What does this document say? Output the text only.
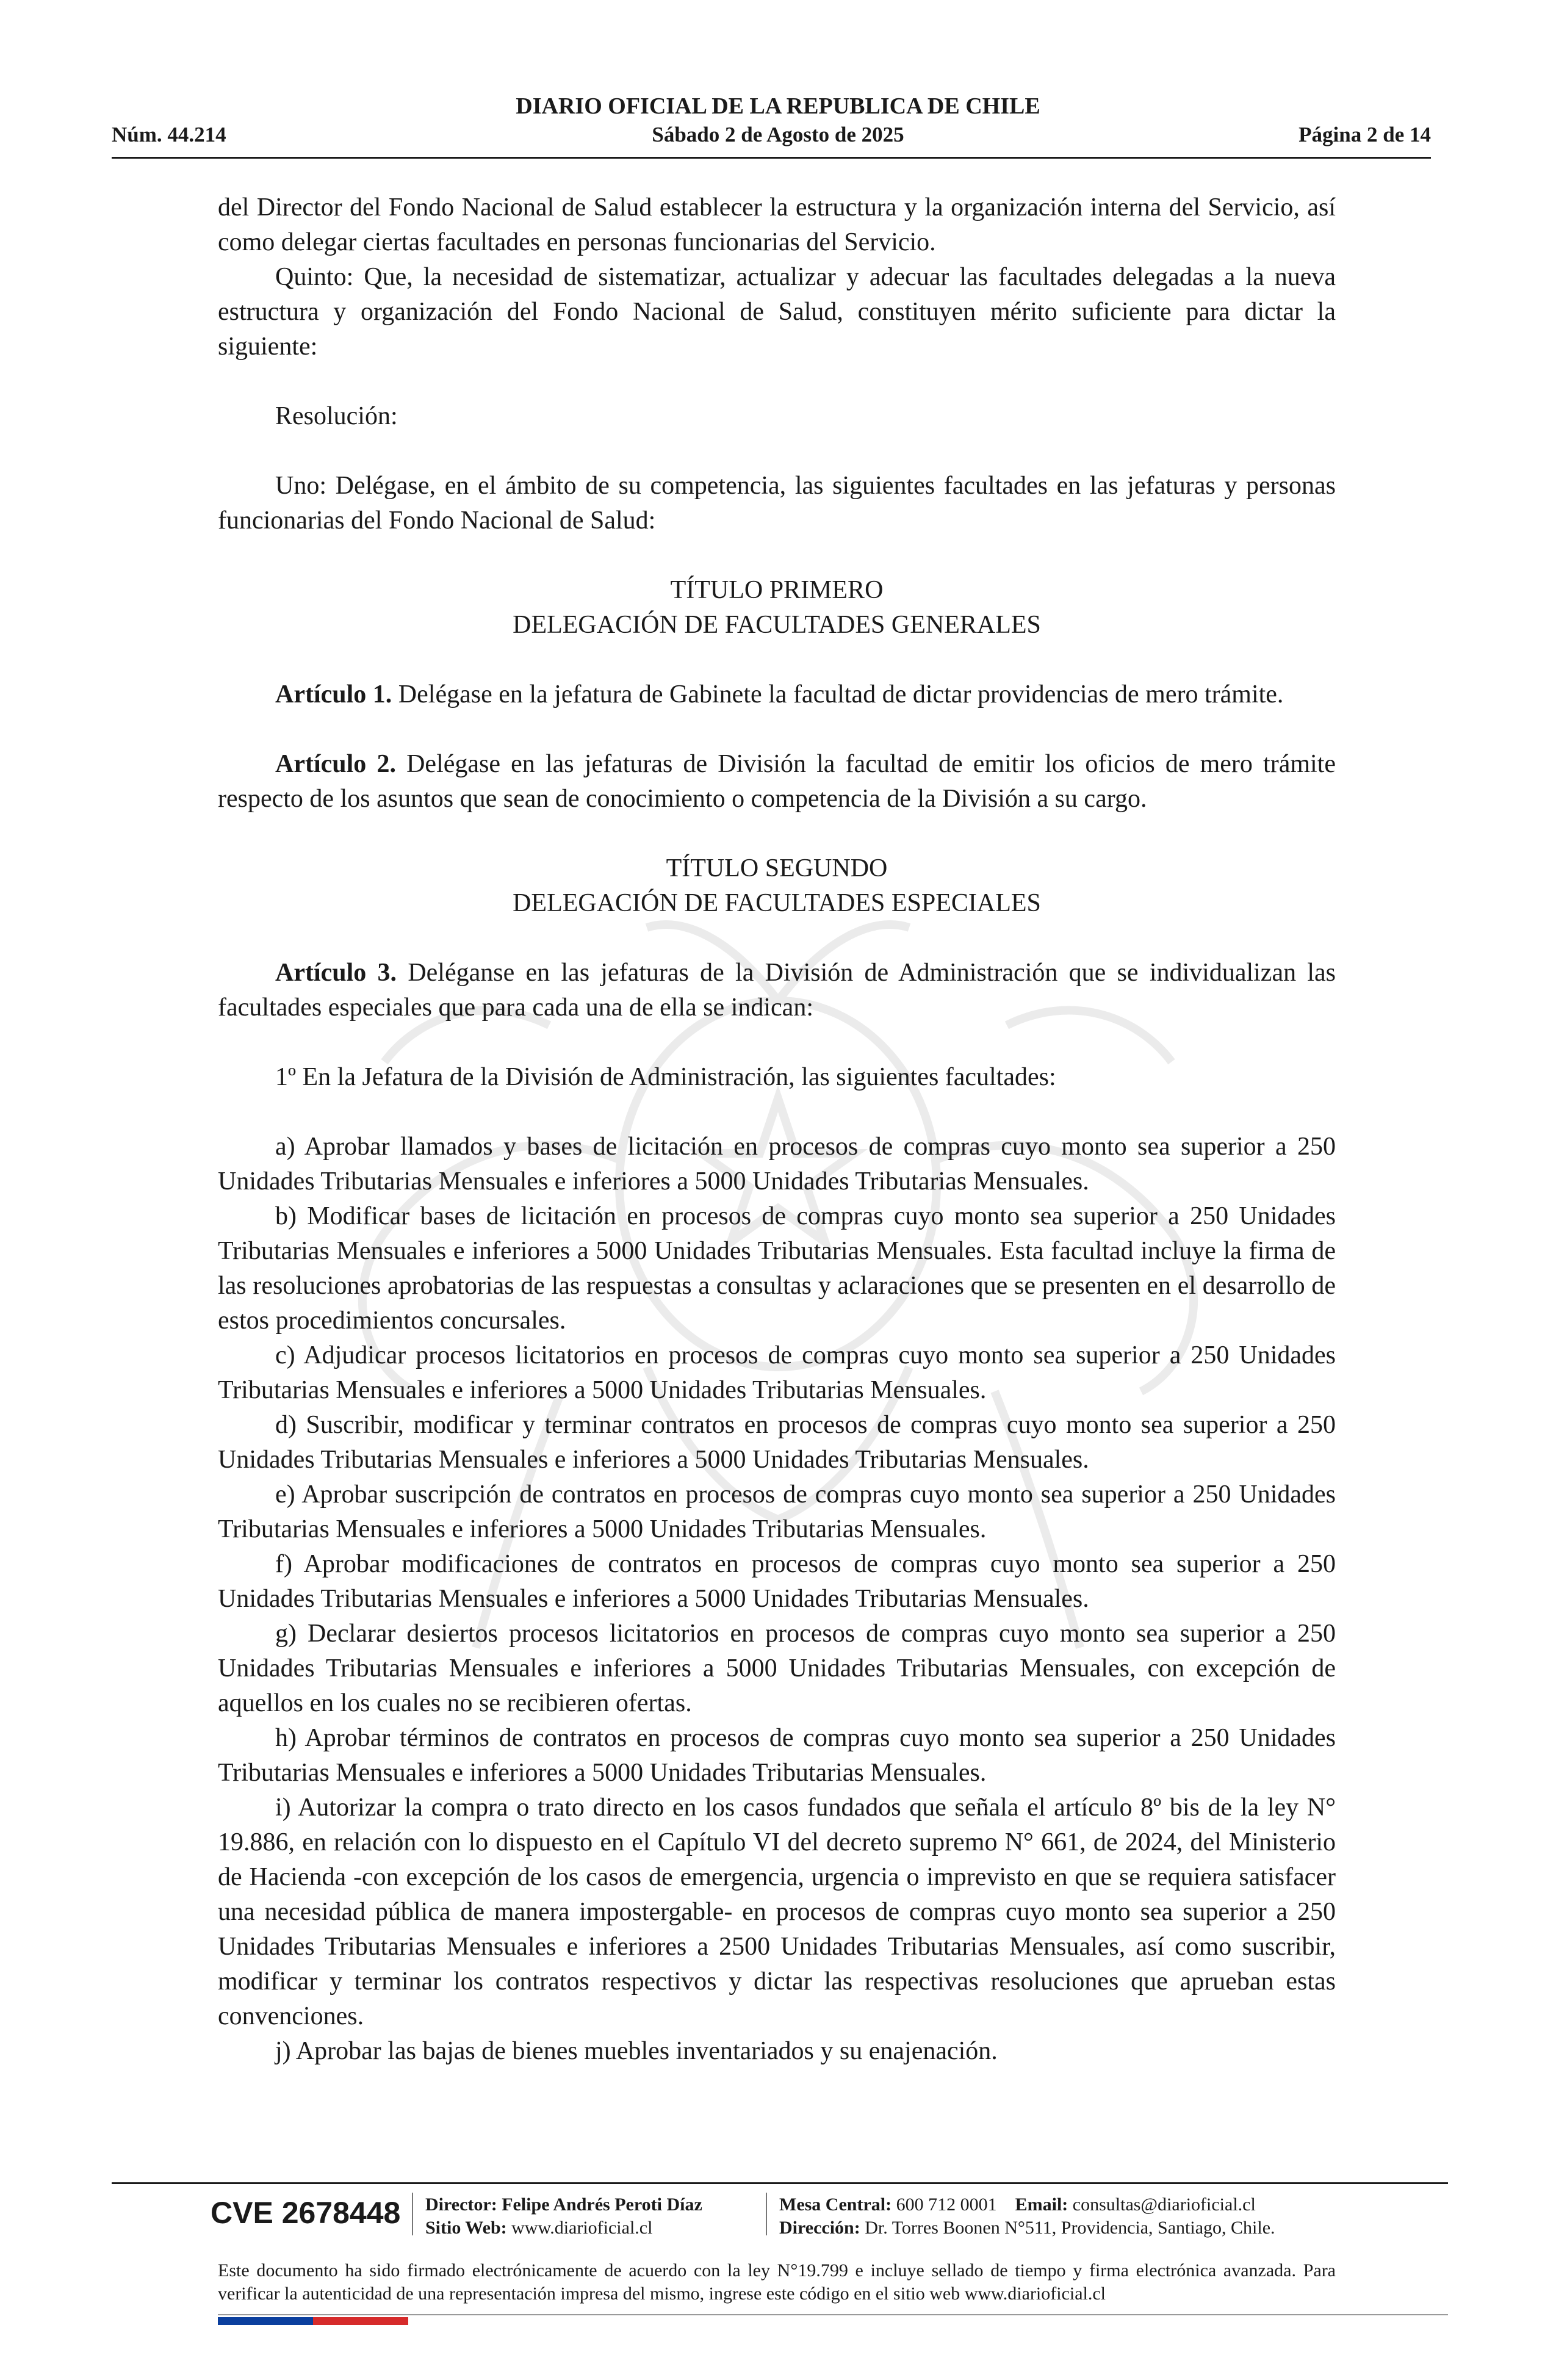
DIARIO OFICIAL DE LA REPUBLICA DE CHILE
Núm. 44.214	Sábado 2 de Agosto de 2025	Página 2 de 14

del Director del Fondo Nacional de Salud establecer la estructura y la organización interna del Servicio, así como delegar ciertas facultades en personas funcionarias del Servicio.

Quinto: Que, la necesidad de sistematizar, actualizar y adecuar las facultades delegadas a la nueva estructura y organización del Fondo Nacional de Salud, constituyen mérito suficiente para dictar la siguiente:

Resolución:

Uno: Delégase, en el ámbito de su competencia, las siguientes facultades en las jefaturas y personas funcionarias del Fondo Nacional de Salud:

TÍTULO PRIMERO

DELEGACIÓN DE FACULTADES GENERALES

Artículo 1. Delégase en la jefatura de Gabinete la facultad de dictar providencias de mero trámite.

Artículo 2. Delégase en las jefaturas de División la facultad de emitir los oficios de mero trámite respecto de los asuntos que sean de conocimiento o competencia de la División a su cargo.

TÍTULO SEGUNDO

DELEGACIÓN DE FACULTADES ESPECIALES

Artículo 3. Deléganse en las jefaturas de la División de Administración que se individualizan las facultades especiales que para cada una de ella se indican:

1º En la Jefatura de la División de Administración, las siguientes facultades:

a) Aprobar llamados y bases de licitación en procesos de compras cuyo monto sea superior a 250 Unidades Tributarias Mensuales e inferiores a 5000 Unidades Tributarias Mensuales.

b) Modificar bases de licitación en procesos de compras cuyo monto sea superior a 250 Unidades Tributarias Mensuales e inferiores a 5000 Unidades Tributarias Mensuales. Esta facultad incluye la firma de las resoluciones aprobatorias de las respuestas a consultas y aclaraciones que se presenten en el desarrollo de estos procedimientos concursales.

c) Adjudicar procesos licitatorios en procesos de compras cuyo monto sea superior a 250 Unidades Tributarias Mensuales e inferiores a 5000 Unidades Tributarias Mensuales.

d) Suscribir, modificar y terminar contratos en procesos de compras cuyo monto sea superior a 250 Unidades Tributarias Mensuales e inferiores a 5000 Unidades Tributarias Mensuales.

e) Aprobar suscripción de contratos en procesos de compras cuyo monto sea superior a 250 Unidades Tributarias Mensuales e inferiores a 5000 Unidades Tributarias Mensuales.

f) Aprobar modificaciones de contratos en procesos de compras cuyo monto sea superior a 250 Unidades Tributarias Mensuales e inferiores a 5000 Unidades Tributarias Mensuales.

g) Declarar desiertos procesos licitatorios en procesos de compras cuyo monto sea superior a 250 Unidades Tributarias Mensuales e inferiores a 5000 Unidades Tributarias Mensuales, con excepción de aquellos en los cuales no se recibieren ofertas.

h) Aprobar términos de contratos en procesos de compras cuyo monto sea superior a 250 Unidades Tributarias Mensuales e inferiores a 5000 Unidades Tributarias Mensuales.

i) Autorizar la compra o trato directo en los casos fundados que señala el artículo 8º bis de la ley N° 19.886, en relación con lo dispuesto en el Capítulo VI del decreto supremo N° 661, de 2024, del Ministerio de Hacienda -con excepción de los casos de emergencia, urgencia o imprevisto en que se requiera satisfacer una necesidad pública de manera impostergable- en procesos de compras cuyo monto sea superior a 250 Unidades Tributarias Mensuales e inferiores a 2500 Unidades Tributarias Mensuales, así como suscribir, modificar y terminar los contratos respectivos y dictar las respectivas resoluciones que aprueban estas convenciones.

j) Aprobar las bajas de bienes muebles inventariados y su enajenación.

CVE 2678448 Director: Felipe Andrés Peroti Díaz
Sitio Web: www.diarioficial.cl
Mesa Central: 600 712 0001 Email: consultas@diarioficial.cl
Dirección: Dr. Torres Boonen N°511, Providencia, Santiago, Chile.
Este documento ha sido firmado electrónicamente de acuerdo con la ley N°19.799 e incluye sellado de tiempo y firma electrónica avanzada. Para verificar la autenticidad de una representación impresa del mismo, ingrese este código en el sitio web www.diarioficial.cl
